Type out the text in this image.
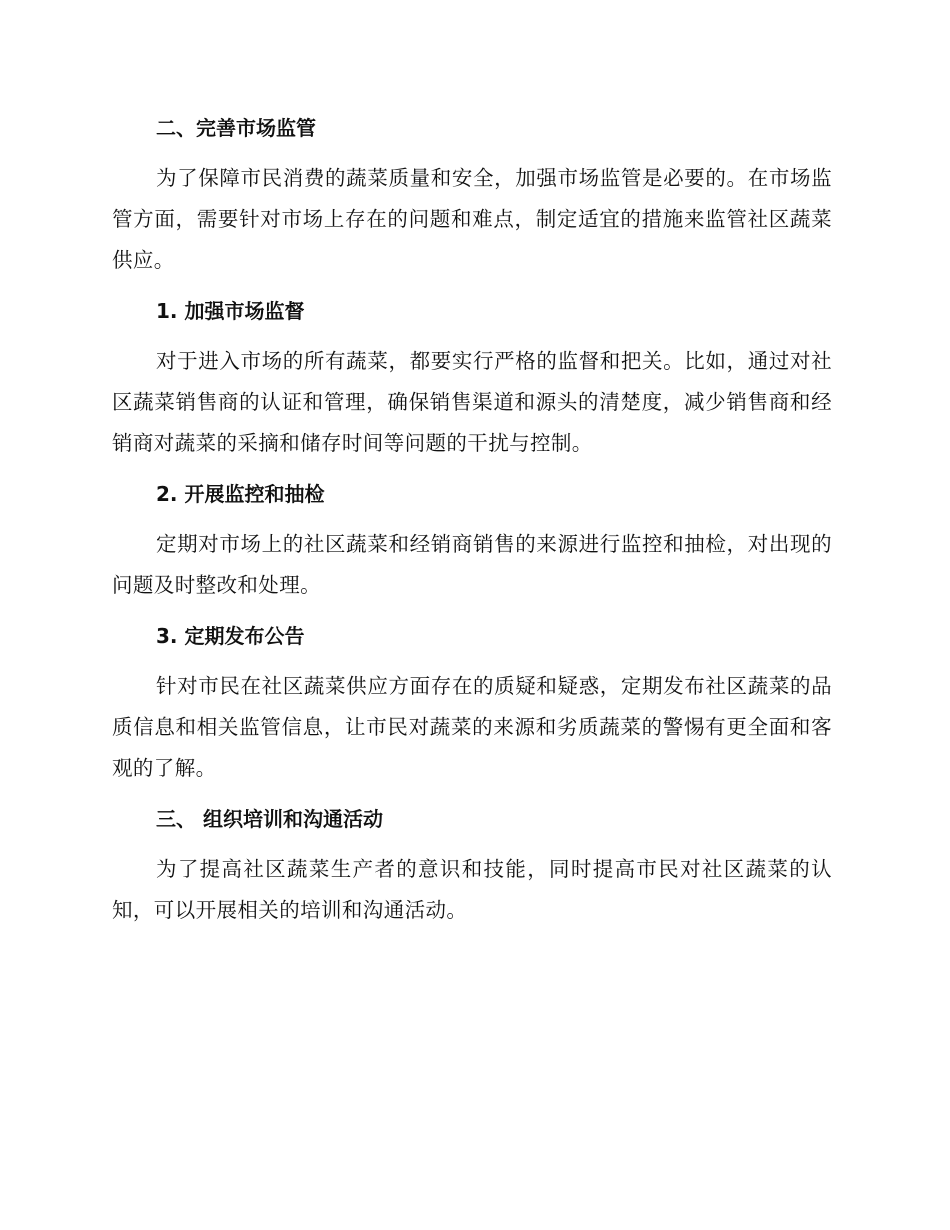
二、完善市场监管

为了保障市民消费的蔬菜质量和安全，加强市场监管是必要的。在市场监管方面，需要针对市场上存在的问题和难点，制定适宜的措施来监管社区蔬菜供应。

1. 加强市场监督

对于进入市场的所有蔬菜，都要实行严格的监督和把关。比如，通过对社区蔬菜销售商的认证和管理，确保销售渠道和源头的清楚度，减少销售商和经销商对蔬菜的采摘和储存时间等问题的干扰与控制。

2. 开展监控和抽检

定期对市场上的社区蔬菜和经销商销售的来源进行监控和抽检，对出现的问题及时整改和处理。

3. 定期发布公告

针对市民在社区蔬菜供应方面存在的质疑和疑惑，定期发布社区蔬菜的品质信息和相关监管信息，让市民对蔬菜的来源和劣质蔬菜的警惕有更全面和客观的了解。

三、 组织培训和沟通活动

为了提高社区蔬菜生产者的意识和技能，同时提高市民对社区蔬菜的认知，可以开展相关的培训和沟通活动。
